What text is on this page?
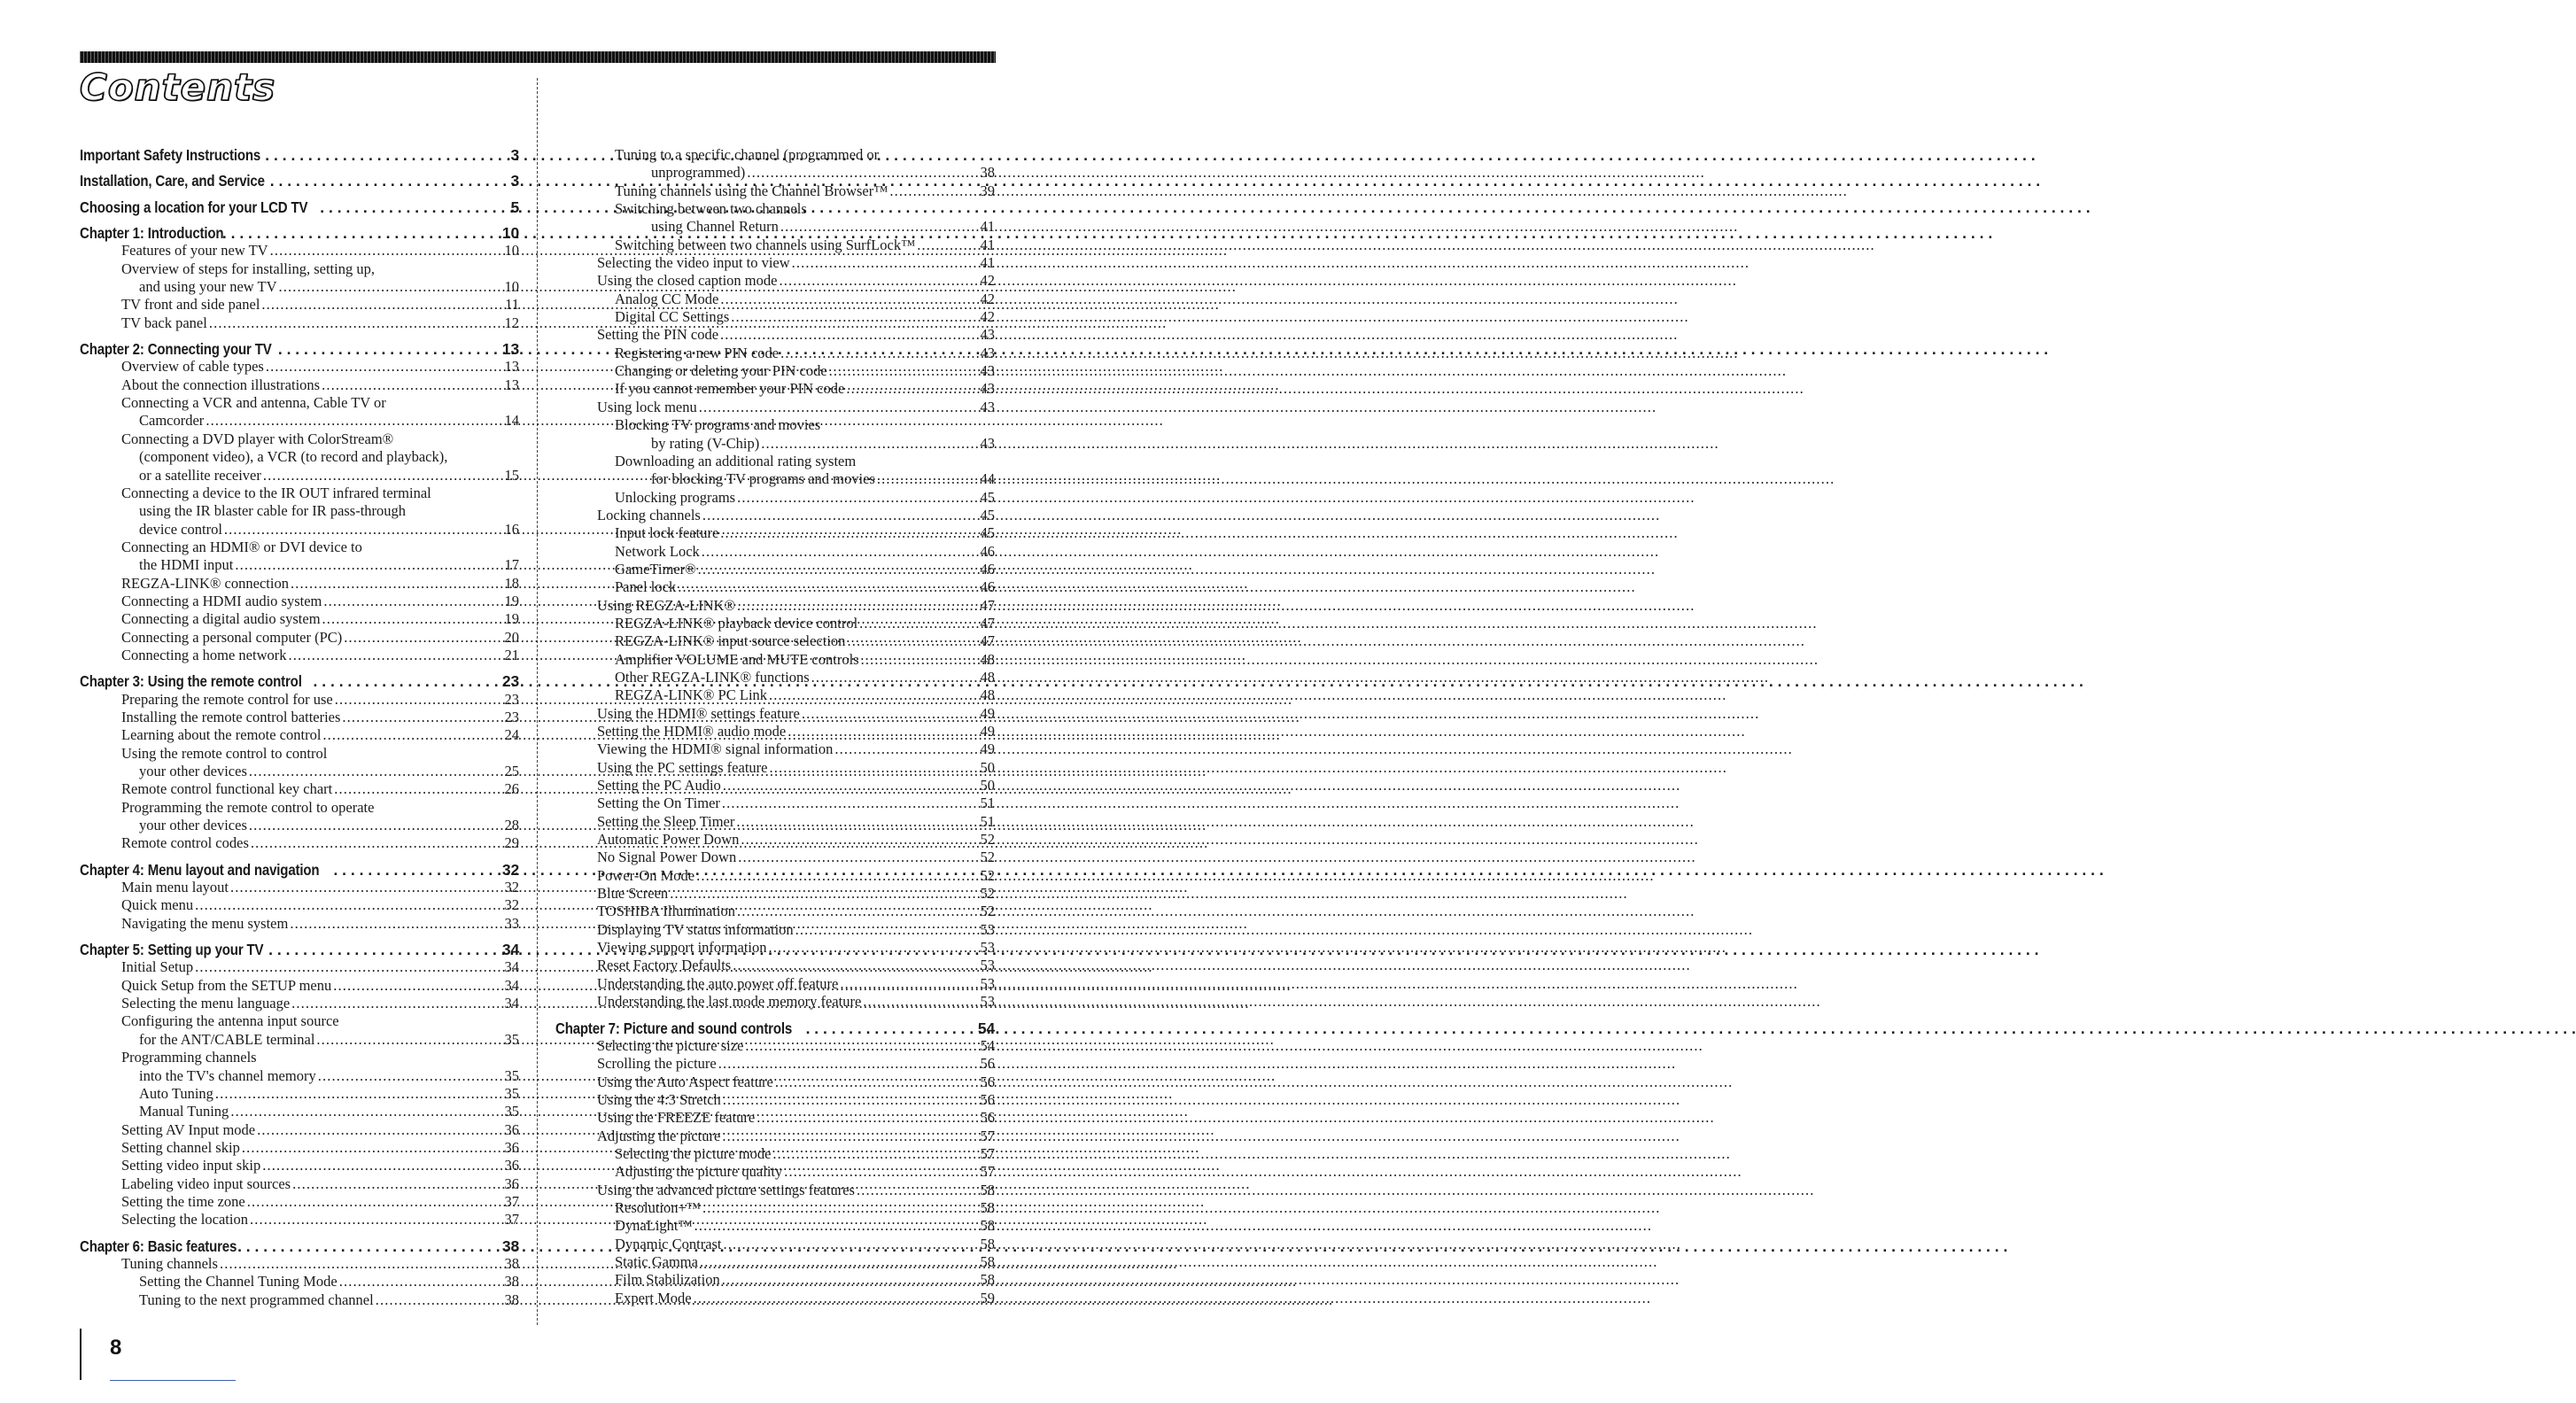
Contents
Important Safety Instructions . . .	3
Installation, Care, and Service . . .	3
Choosing a location for your LCD TV . . .	5
Chapter 1: Introduction . . .	10
Features of your new TV . . .	10
Overview of steps for installing, setting up,
and using your new TV . . .	10
TV front and side panel . . .	11
TV back panel . . .	12
Chapter 2: Connecting your TV . . .	13
Overview of cable types . . .	13
About the connection illustrations . . .	13
Connecting a VCR and antenna, Cable TV or
Camcorder . . .	14
Connecting a DVD player with ColorStream®
(component video), a VCR (to record and playback),
or a satellite receiver . . .	15
Connecting a device to the IR OUT infrared terminal
using the IR blaster cable for IR pass-through
device control . . .	16
Connecting an HDMI® or DVI device to
the HDMI input . . .	17
REGZA-LINK® connection . . .	18
Connecting a HDMI audio system . . .	19
Connecting a digital audio system . . .	19
Connecting a personal computer (PC) . . .	20
Connecting a home network . . .	21
Chapter 3: Using the remote control . . .	23
Preparing the remote control for use . . .	23
Installing the remote control batteries . . .	23
Learning about the remote control . . .	24
Using the remote control to control
your other devices . . .	25
Remote control functional key chart . . .	26
Programming the remote control to operate
your other devices . . .	28
Remote control codes . . .	29
Chapter 4: Menu layout and navigation . . .	32
Main menu layout . . .	32
Quick menu . . .	32
Navigating the menu system . . .	33
Chapter 5: Setting up your TV . . .	34
Initial Setup . . .	34
Quick Setup from the SETUP menu . . .	34
Selecting the menu language . . .	34
Configuring the antenna input source
for the ANT/CABLE terminal . . .	35
Programming channels
into the TV's channel memory . . .	35
Auto Tuning . . .	35
Manual Tuning . . .	35
Setting AV Input mode . . .	36
Setting channel skip . . .	36
Setting video input skip . . .	36
Labeling video input sources . . .	36
Setting the time zone . . .	37
Selecting the location . . .	37
Chapter 6: Basic features . . .	38
Tuning channels . . .	38
Setting the Channel Tuning Mode . . .	38
Tuning to the next programmed channel . . .	38
Tuning to a specific channel (programmed or
unprogrammed) . . .	38
Tuning channels using the Channel Browser™ . . .	39
Switching between two channels
using Channel Return . . .	41
Switching between two channels using SurfLock™ . . .	41
Selecting the video input to view . . .	41
Using the closed caption mode . . .	42
Analog CC Mode . . .	42
Digital CC Settings . . .	42
Setting the PIN code . . .	43
Registering a new PIN code . . .	43
Changing or deleting your PIN code . . .	43
If you cannot remember your PIN code . . .	43
Using lock menu . . .	43
Blocking TV programs and movies
by rating (V-Chip) . . .	43
Downloading an additional rating system
for blocking TV programs and movies . . .	44
Unlocking programs . . .	45
Locking channels . . .	45
Input lock feature . . .	45
Network Lock . . .	46
GameTimer® . . .	46
Panel lock . . .	46
Using REGZA-LINK® . . .	47
REGZA-LINK® playback device control . . .	47
REGZA-LINK® input source selection . . .	47
Amplifier VOLUME and MUTE controls . . .	48
Other REGZA-LINK® functions . . .	48
REGZA-LINK® PC Link . . .	48
Using the HDMI® settings feature . . .	49
Setting the HDMI® audio mode . . .	49
Viewing the HDMI® signal information . . .	49
Using the PC settings feature . . .	50
Setting the PC Audio . . .	50
Setting the On Timer . . .	51
Setting the Sleep Timer . . .	51
Automatic Power Down . . .	52
No Signal Power Down . . .	52
Power-On Mode . . .	52
Blue Screen . . .	52
TOSHIBA Illumination . . .	52
Displaying TV status information . . .	53
Viewing support information . . .	53
Reset Factory Defaults . . .	53
Understanding the auto power off feature . . .	53
Understanding the last mode memory feature . . .	53
Chapter 7: Picture and sound controls . . .	54
Selecting the picture size . . .	54
Scrolling the picture . . .	56
Using the Auto Aspect feature . . .	56
Using the 4:3 Stretch . . .	56
Using the FREEZE feature . . .	56
Adjusting the picture . . .	57
Selecting the picture mode . . .	57
Adjusting the picture quality . . .	57
Using the advanced picture settings features . . .	58
Resolution+™ . . .	58
DynaLight™ . . .	58
Dynamic Contrast . . .	58
Static Gamma . . .	58
Film Stabilization . . .	58
Expert Mode . . .	59
8
